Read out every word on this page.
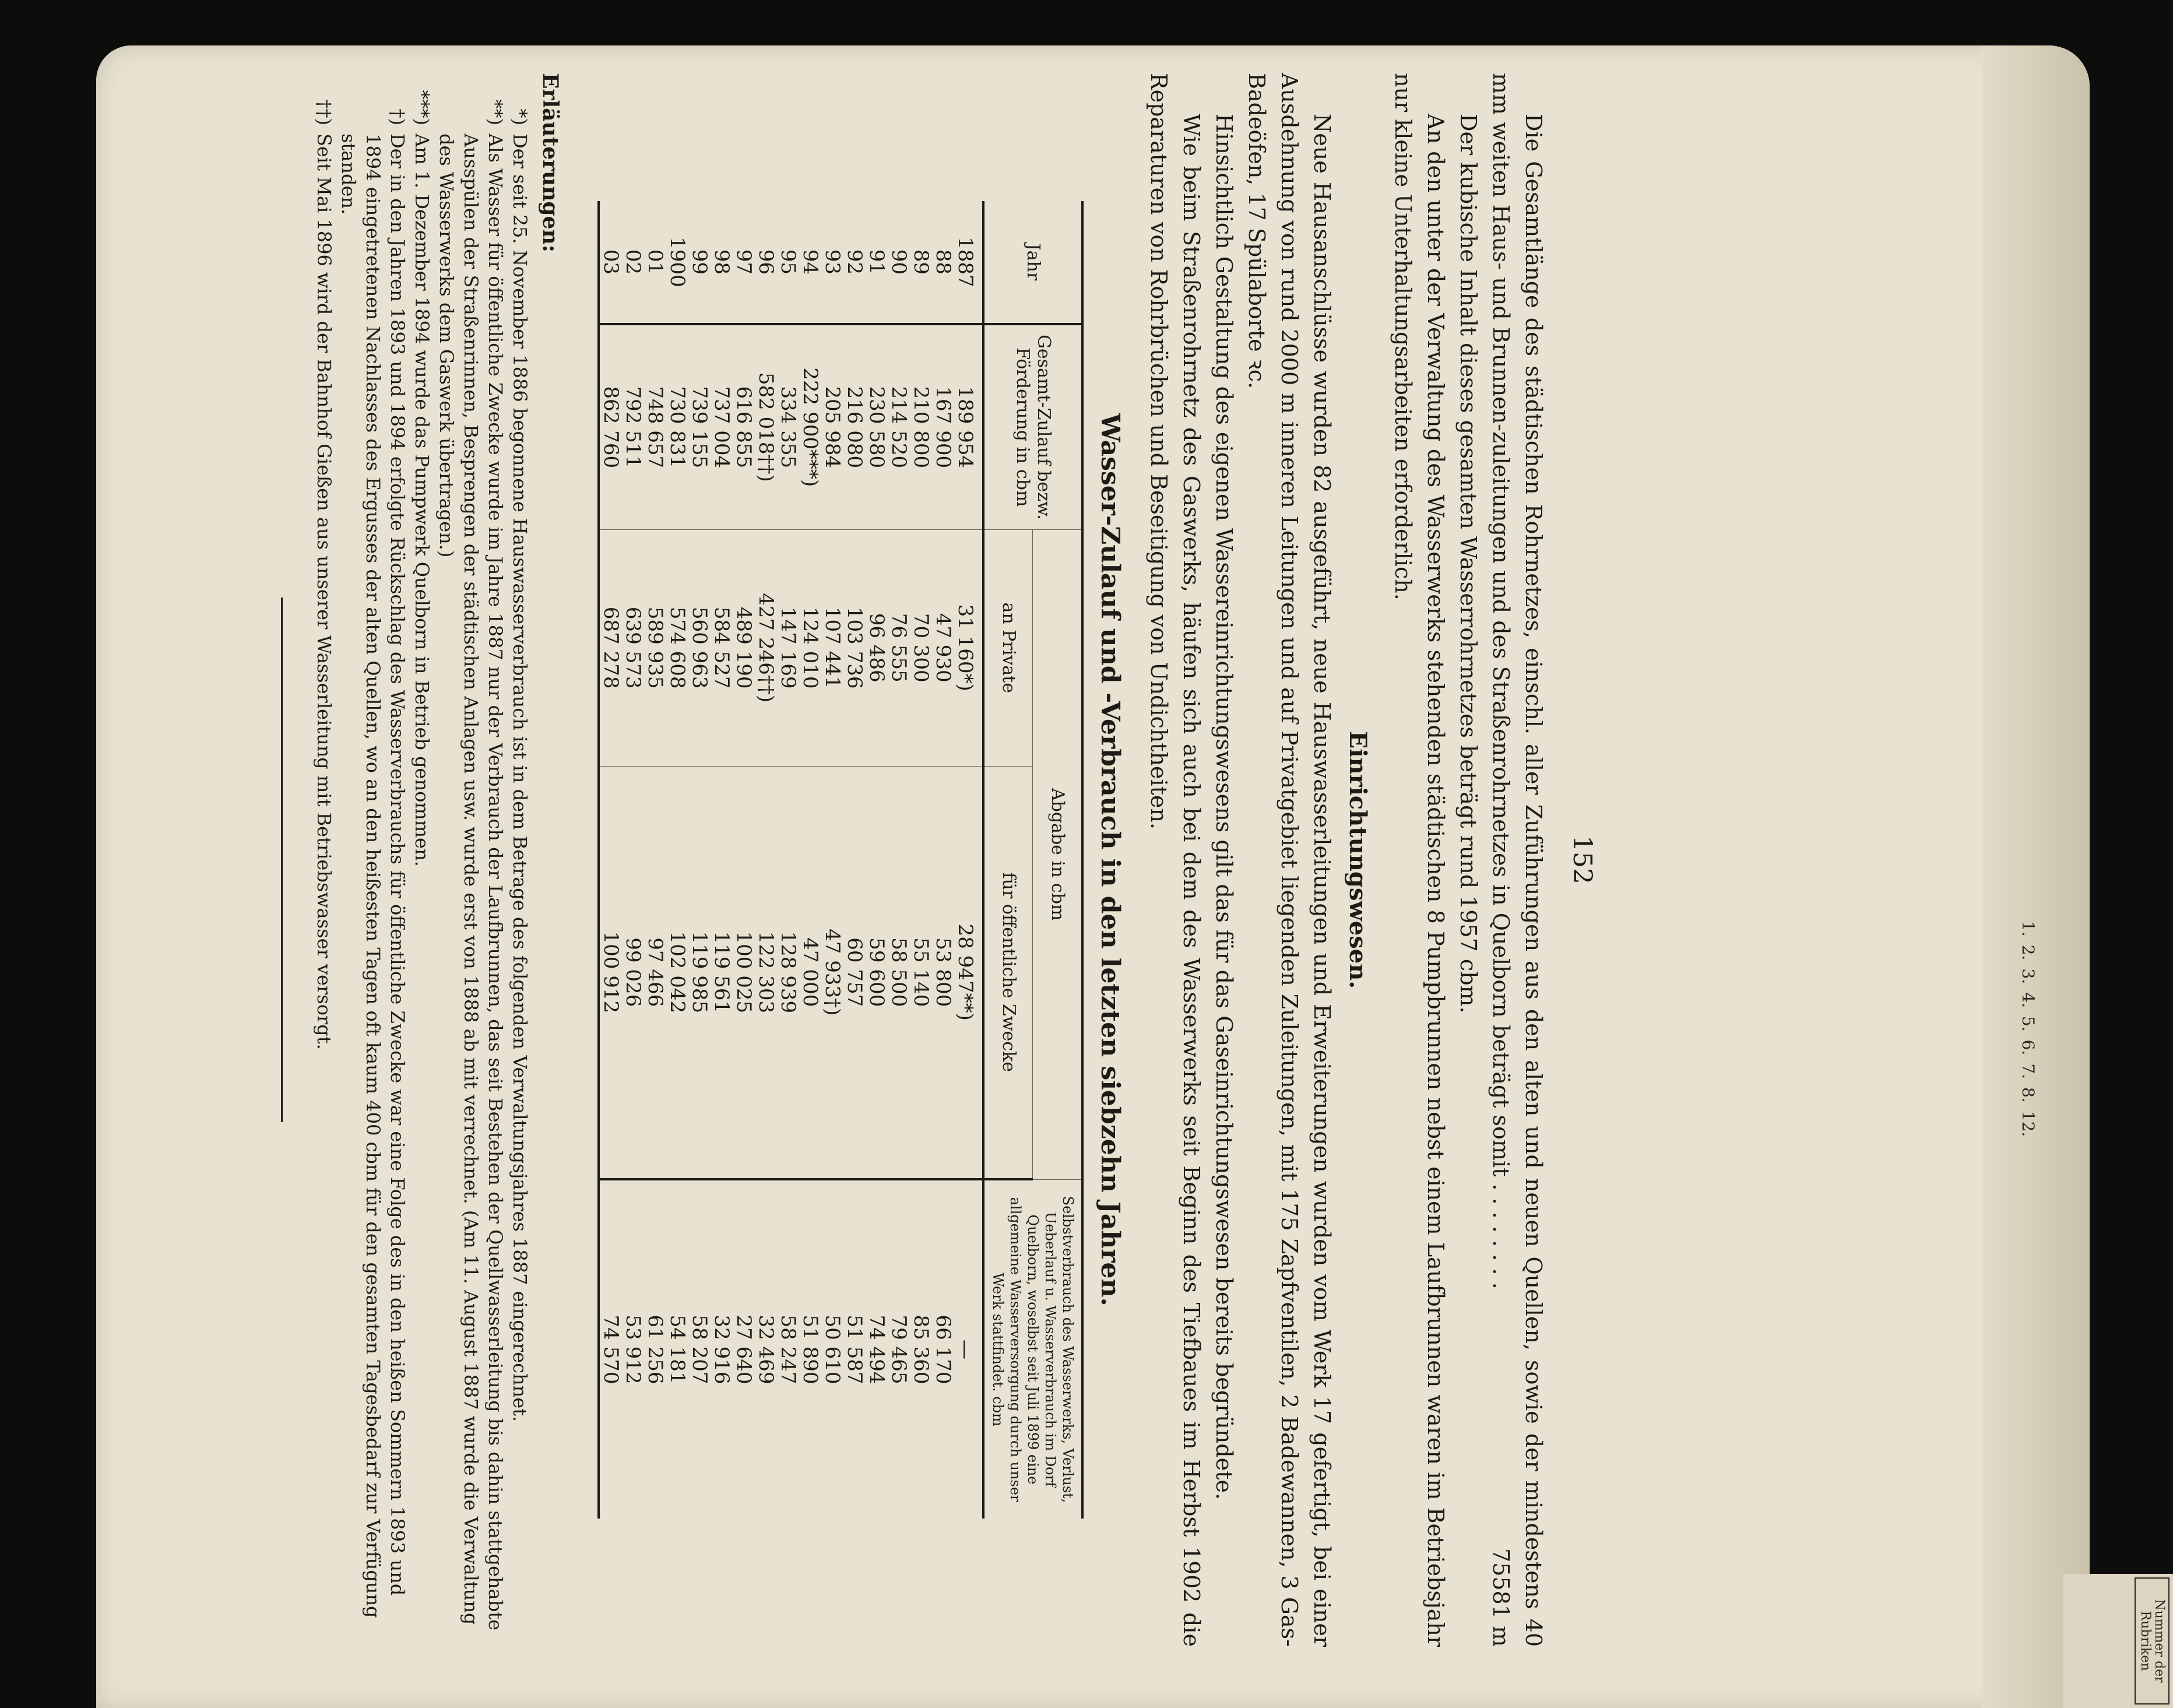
1.
2.
3.
4.
5.
6.
7.
8.
12.
Nummer der Rubriken
152

Die Gesamtlänge des städtischen Rohrnetzes, einschl. aller Zuführungen aus den alten und neuen Quellen, sowie der mindestens 40 mm weiten Haus- und Brunnen-zuleitungen und des Straßenrohrnetzes in Quelborn beträgt somit . . . . . . . .
75581 m

Der kubische Inhalt dieses gesamten Wasserrohrnetzes beträgt rund 1957 cbm.

An den unter der Verwaltung des Wasserwerks stehenden städtischen 8 Pumpbrunnen nebst einem Laufbrunnen waren im Betriebsjahr nur kleine Unterhaltungsarbeiten erforderlich.

Einrichtungswesen.

Neue Hausanschlüsse wurden 82 ausgeführt, neue Hauswasserleitungen und Erweiterungen wurden vom Werk 17 gefertigt, bei einer Ausdehnung von rund 2000 m inneren Leitungen und auf Privatgebiet liegenden Zuleitungen, mit 175 Zapfventilen, 2 Badewannen, 3 Gas-Badeöfen, 17 Spülaborte ꝛc.

Hinsichtlich Gestaltung des eigenen Wassereinrichtungswesens gilt das für das Gaseinrichtungswesen bereits begründete.

Wie beim Straßenrohrnetz des Gaswerks, häufen sich auch bei dem des Wasserwerks seit Beginn des Tiefbaues im Herbst 1902 die Reparaturen von Rohrbrüchen und Beseitigung von Undichtheiten.

Wasser-Zulauf und -Verbrauch in den letzten siebzehn Jahren.
Jahr	Gesamt-Zulauf bezw. Förderung in cbm	Abgabe in cbm		Selbstverbrauch des Wasserwerks, Verlust, Ueberlauf u. Wasserverbrauch im Dorf Quelborn, woselbst seit Juli 1899 eine allgemeine Wasserversorgung durch unser Werk stattfindet. cbm
		an Private	für öffentliche Zwecke	
1887	189 954	31 160*)	28 947**)	—
88	167 900	47 930	53 800	66 170
89	210 800	70 300	55 140	85 360
90	214 520	76 555	58 500	79 465
91	230 580	96 486	59 600	74 494
92	216 080	103 736	60 757	51 587
93	205 984	107 441	47 933†)	50 610
94	222 900***)	124 010	47 000	51 890
95	334 355	147 169	128 939	58 247
96	582 018††)	427 246††)	122 303	32 469
97	616 855	489 190	100 025	27 640
98	737 004	584 527	119 561	32 916
99	739 155	560 963	119 985	58 207
1900	730 831	574 608	102 042	54 181
01	748 657	589 935	97 466	61 256
02	792 511	639 573	99 026	53 912
03	862 760	687 278	100 912	74 570
Erläuterungen:

*)
Der seit 25. November 1886 begonnene Hauswasserverbrauch ist in dem Betrage des folgenden Verwaltungsjahres 1887 eingerechnet.

**)
Als Wasser für öffentliche Zwecke wurde im Jahre 1887 nur der Verbrauch der Laufbrunnen, das seit Bestehen der Quellwasserleitung bis dahin stattgehabte Ausspülen der Straßenrinnen, Besprengen der städtischen Anlagen usw. wurde erst von 1888 ab mit verrechnet. (Am 11. August 1887 wurde die Verwaltung des Wasserwerks dem Gaswerk übertragen.)

***)
Am 1. Dezember 1894 wurde das Pumpwerk Quelborn in Betrieb genommen.

†)
Der in den Jahren 1893 und 1894 erfolgte Rückschlag des Wasserverbrauchs für öffentliche Zwecke war eine Folge des in den heißen Sommern 1893 und 1894 eingetretenen Nachlasses des Ergusses der alten Quellen, wo an den heißesten Tagen oft kaum 400 cbm für den gesamten Tagesbedarf zur Verfügung standen.

††)
Seit Mai 1896 wird der Bahnhof Gießen aus unserer Wasserleitung mit Betriebswasser versorgt.
